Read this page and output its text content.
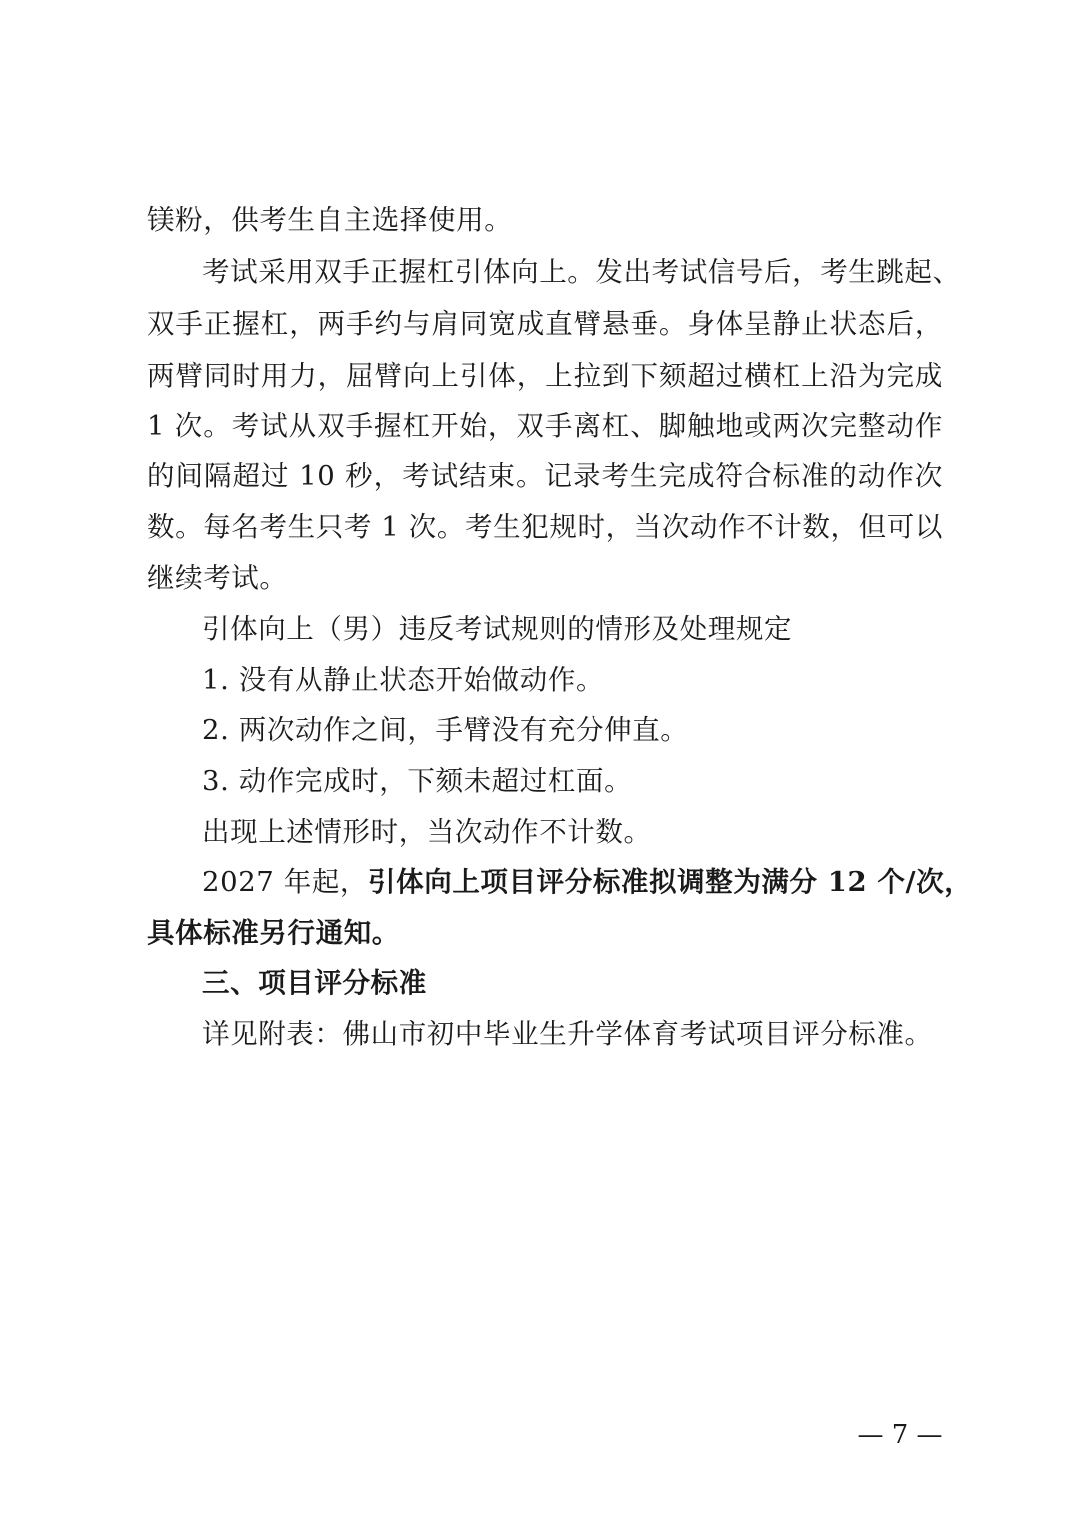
镁粉，供考生自主选择使用。
考试采用双手正握杠引体向上。发出考试信号后，考生跳起、
双手正握杠，两手约与肩同宽成直臂悬垂。身体呈静止状态后，
两臂同时用力，屈臂向上引体，上拉到下颏超过横杠上沿为完成
1 次。考试从双手握杠开始，双手离杠、脚触地或两次完整动作
的间隔超过 10 秒，考试结束。记录考生完成符合标准的动作次
数。每名考生只考 1 次。考生犯规时，当次动作不计数，但可以
继续考试。
引体向上（男）违反考试规则的情形及处理规定
1. 没有从静止状态开始做动作。
2. 两次动作之间，手臂没有充分伸直。
3. 动作完成时，下颏未超过杠面。
出现上述情形时，当次动作不计数。
2027 年起，引体向上项目评分标准拟调整为满分 12 个/次，
具体标准另行通知。
三、项目评分标准
详见附表：佛山市初中毕业生升学体育考试项目评分标准。
— 7 —
